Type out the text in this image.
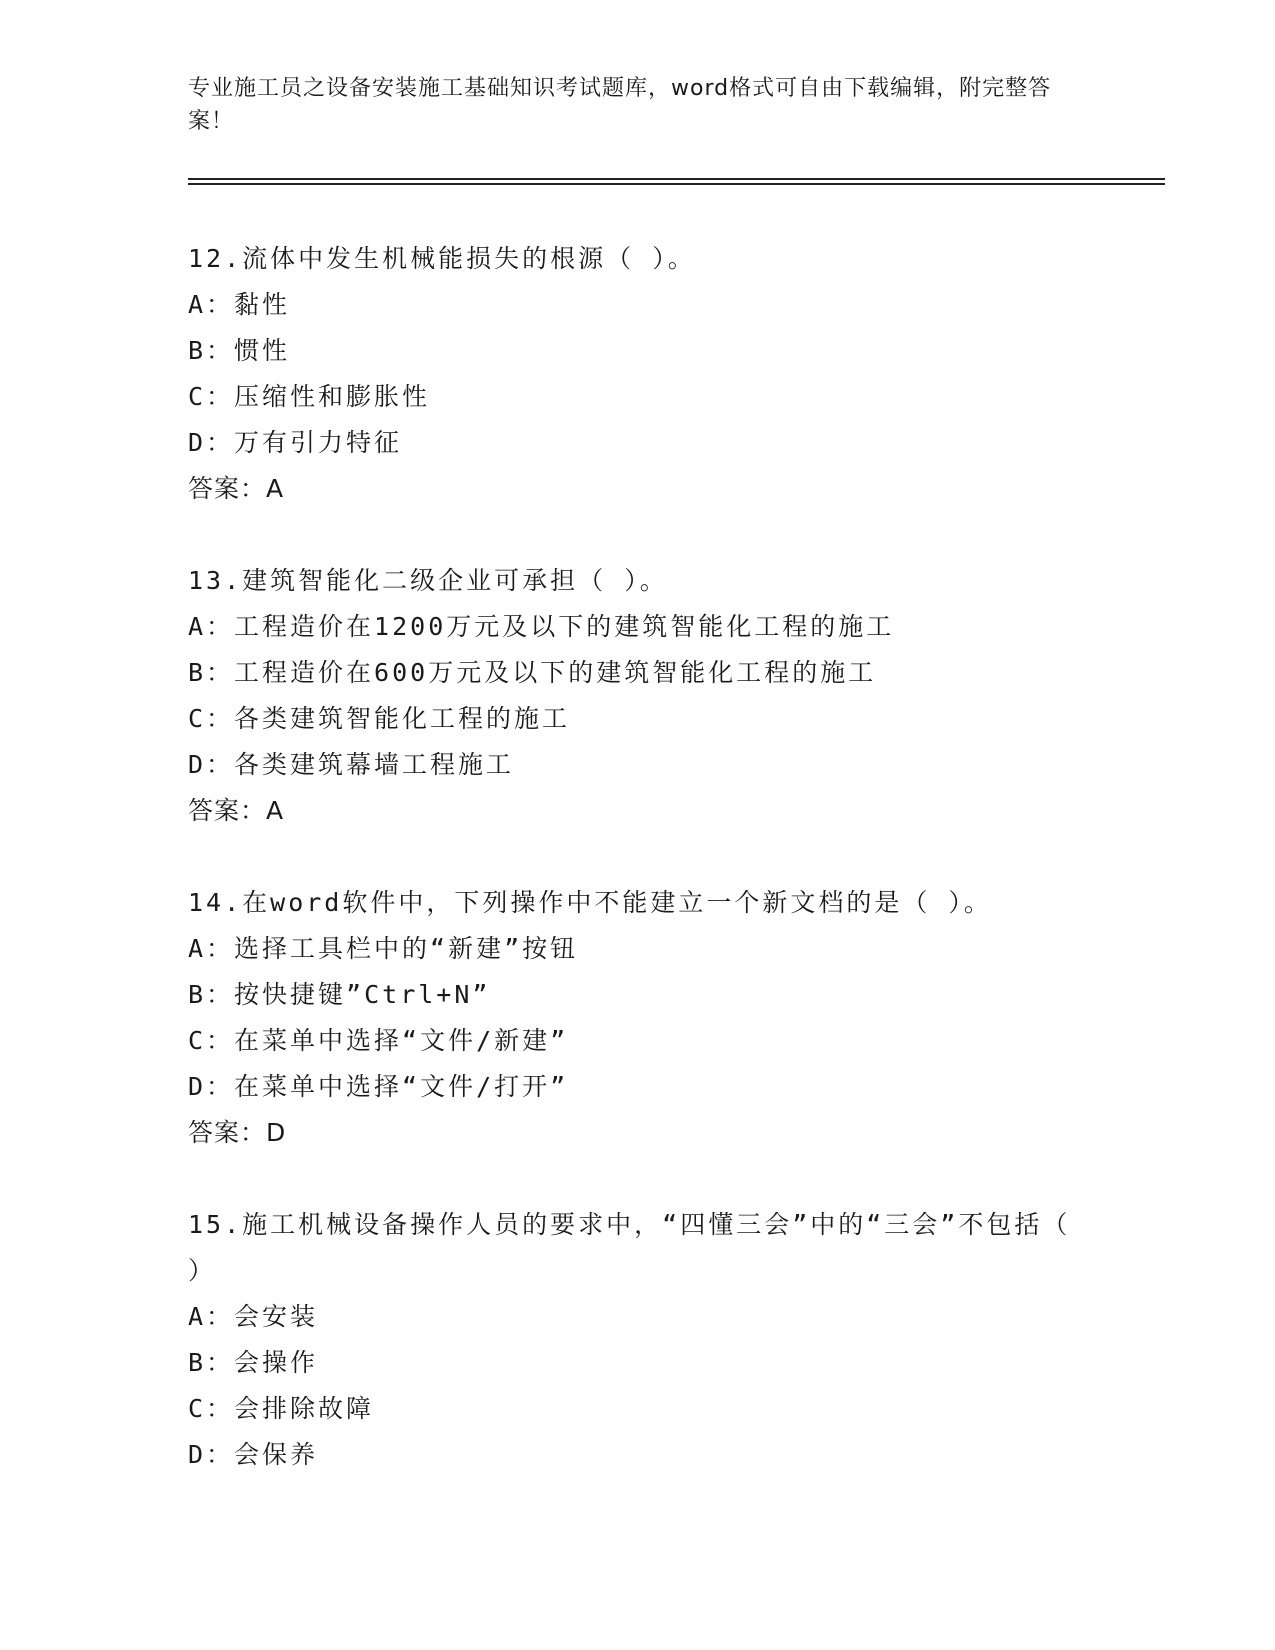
专业施工员之设备安装施工基础知识考试题库，word格式可自由下载编辑，附完整答案！
12.流体中发生机械能损失的根源（ ）。
A：黏性
B：惯性
C：压缩性和膨胀性
D：万有引力特征
答案：A
13.建筑智能化二级企业可承担（ ）。
A：工程造价在1200万元及以下的建筑智能化工程的施工
B：工程造价在600万元及以下的建筑智能化工程的施工
C：各类建筑智能化工程的施工
D：各类建筑幕墙工程施工
答案：A
14.在word软件中，下列操作中不能建立一个新文档的是（ ）。
A：选择工具栏中的“新建”按钮
B：按快捷键”Ctrl+N”
C：在菜单中选择“文件/新建”
D：在菜单中选择“文件/打开”
答案：D
15.施工机械设备操作人员的要求中，“四懂三会”中的“三会”不包括（ ）
A：会安装
B：会操作
C：会排除故障
D：会保养
